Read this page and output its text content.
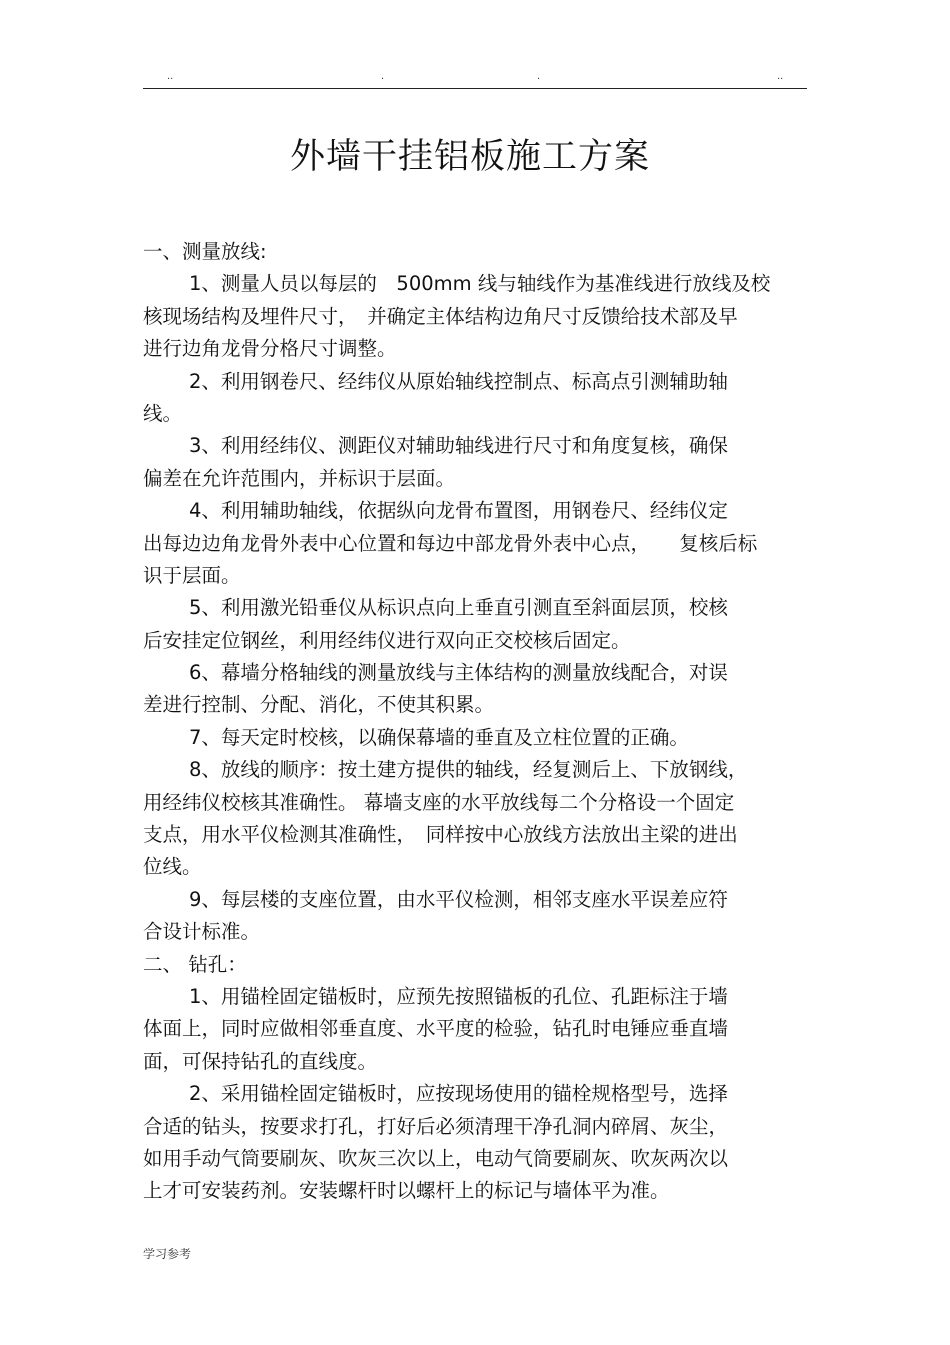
..	.	.	..
外墙干挂铝板施工方案
一、测量放线:
1、测量人员以每层的　500mm 线与轴线作为基准线进行放线及校
核现场结构及埋件尺寸，　并确定主体结构边角尺寸反馈给技术部及早
进行边角龙骨分格尺寸调整。
2、利用钢卷尺、经纬仪从原始轴线控制点、标高点引测辅助轴
线。
3、利用经纬仪、测距仪对辅助轴线进行尺寸和角度复核，确保
偏差在允许范围内，并标识于层面。
4、利用辅助轴线，依据纵向龙骨布置图，用钢卷尺、经纬仪定
出每边边角龙骨外表中心位置和每边中部龙骨外表中心点，　　复核后标
识于层面。
5、利用激光铅垂仪从标识点向上垂直引测直至斜面层顶，校核
后安挂定位钢丝，利用经纬仪进行双向正交校核后固定。
6、幕墙分格轴线的测量放线与主体结构的测量放线配合，对误
差进行控制、分配、消化，不使其积累。
7、每天定时校核，以确保幕墙的垂直及立柱位置的正确。
8、放线的顺序：按土建方提供的轴线，经复测后上、下放钢线，
用经纬仪校核其准确性。 幕墙支座的水平放线每二个分格设一个固定
支点，用水平仪检测其准确性，　同样按中心放线方法放出主梁的进出
位线。
9、每层楼的支座位置，由水平仪检测，相邻支座水平误差应符
合设计标准。
二、 钻孔：
1、用锚栓固定锚板时，应预先按照锚板的孔位、孔距标注于墙
体面上，同时应做相邻垂直度、水平度的检验，钻孔时电锤应垂直墙
面，可保持钻孔的直线度。
2、采用锚栓固定锚板时，应按现场使用的锚栓规格型号，选择
合适的钻头，按要求打孔，打好后必须清理干净孔洞内碎屑、灰尘，
如用手动气筒要刷灰、吹灰三次以上，电动气筒要刷灰、吹灰两次以
上才可安装药剂。安装螺杆时以螺杆上的标记与墙体平为准。
学习参考
